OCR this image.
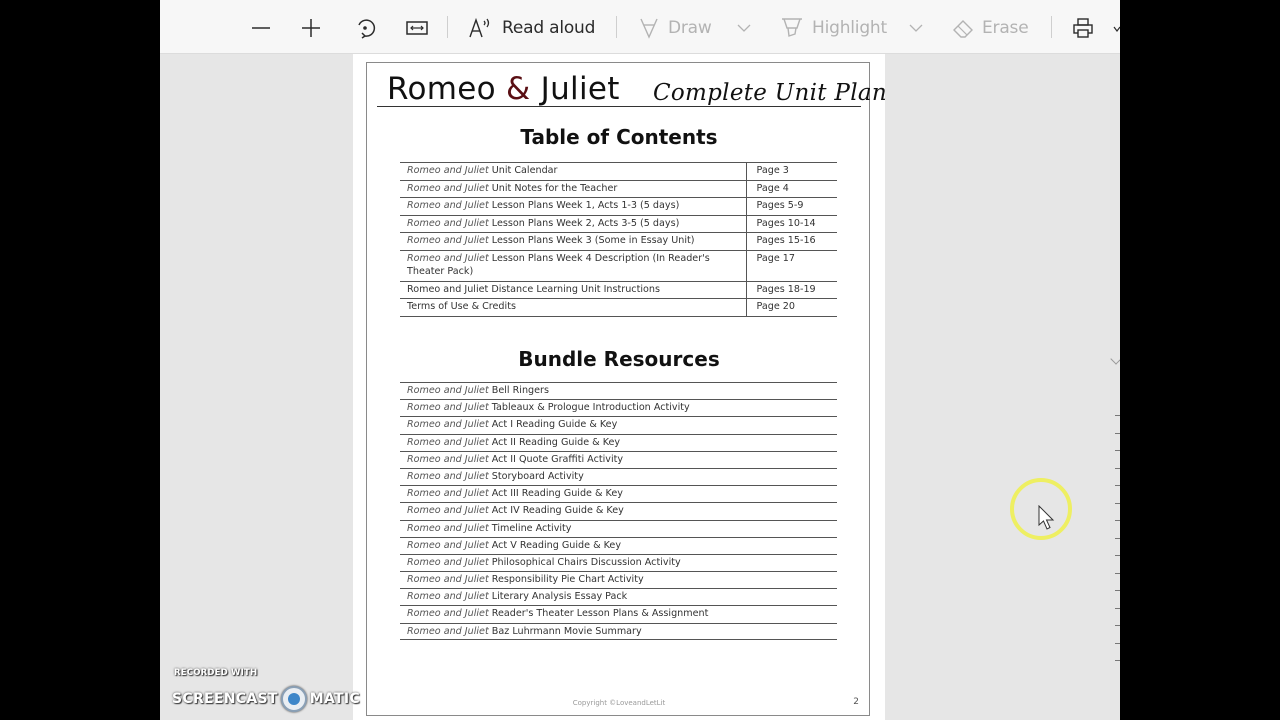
Read aloud	Draw	Highlight	Erase
Romeo & Juliet Complete Unit Plan
Table of Contents
Romeo and Juliet Unit Calendar	Page 3
Romeo and Juliet Unit Notes for the Teacher	Page 4
Romeo and Juliet Lesson Plans Week 1, Acts 1-3 (5 days)	Pages 5-9
Romeo and Juliet Lesson Plans Week 2, Acts 3-5 (5 days)	Pages 10-14
Romeo and Juliet Lesson Plans Week 3 (Some in Essay Unit)	Pages 15-16
Romeo and Juliet Lesson Plans Week 4 Description (In Reader's Theater Pack)	Page 17
Romeo and Juliet Distance Learning Unit Instructions	Pages 18-19
Terms of Use & Credits	Page 20
Bundle Resources
Romeo and Juliet Bell Ringers
Romeo and Juliet Tableaux & Prologue Introduction Activity
Romeo and Juliet Act I Reading Guide & Key
Romeo and Juliet Act II Reading Guide & Key
Romeo and Juliet Act II Quote Graffiti Activity
Romeo and Juliet Storyboard Activity
Romeo and Juliet Act III Reading Guide & Key
Romeo and Juliet Act IV Reading Guide & Key
Romeo and Juliet Timeline Activity
Romeo and Juliet Act V Reading Guide & Key
Romeo and Juliet Philosophical Chairs Discussion Activity
Romeo and Juliet Responsibility Pie Chart Activity
Romeo and Juliet Literary Analysis Essay Pack
Romeo and Juliet Reader's Theater Lesson Plans & Assignment
Romeo and Juliet Baz Luhrmann Movie Summary
Copyright ©LoveandLetLit	2
RECORDED WITH
SCREENCAST MATIC
